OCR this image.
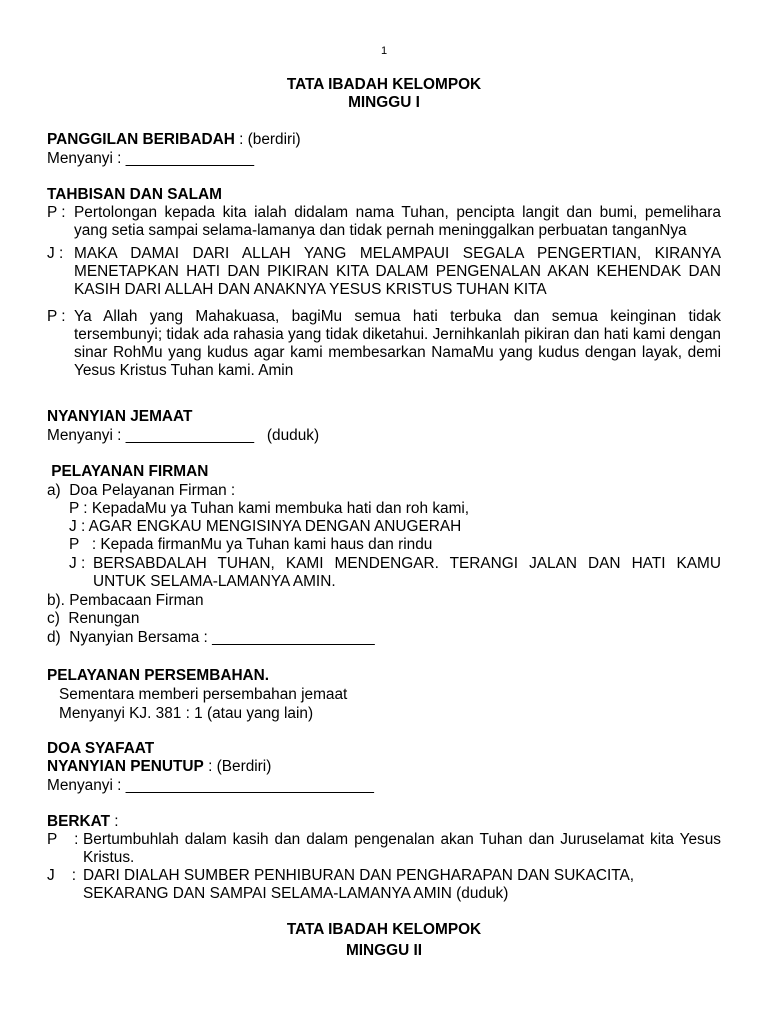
1
TATA IBADAH KELOMPOK
MINGGU I
PANGGILAN BERIBADAH : (berdiri)
Menyanyi : _______________
TAHBISAN DAN SALAM
P : Pertolongan kepada kita ialah didalam nama Tuhan, pencipta langit dan bumi, pemelihara yang setia sampai selama-lamanya dan tidak pernah meninggalkan perbuatan tanganNya
J : MAKA DAMAI DARI ALLAH YANG MELAMPAUI SEGALA PENGERTIAN, KIRANYA MENETAPKAN HATI DAN PIKIRAN KITA DALAM PENGENALAN AKAN KEHENDAK DAN KASIH DARI ALLAH DAN ANAKNYA YESUS KRISTUS TUHAN KITA
P : Ya Allah yang Mahakuasa, bagiMu semua hati terbuka dan semua keinginan tidak tersembunyi; tidak ada rahasia yang tidak diketahui. Jernihkanlah pikiran dan hati kami dengan sinar RohMu yang kudus agar kami membesarkan NamaMu yang kudus dengan layak, demi Yesus Kristus Tuhan kami. Amin
NYANYIAN JEMAAT
Menyanyi : _______________   (duduk)
PELAYANAN FIRMAN
a)  Doa Pelayanan Firman :
P : KepadaMu ya Tuhan kami membuka hati dan roh kami,
J : AGAR ENGKAU MENGISINYA DENGAN ANUGERAH
P   : Kepada firmanMu ya Tuhan kami haus dan rindu
J : BERSABDALAH TUHAN, KAMI MENDENGAR. TERANGI JALAN DAN HATI KAMU UNTUK SELAMA-LAMANYA AMIN.
b). Pembacaan Firman
c)  Renungan
d)  Nyanyian Bersama : ___________________
PELAYANAN PERSEMBAHAN.
Sementara memberi persembahan jemaat
Menyanyi KJ. 381 : 1 (atau yang lain)
DOA SYAFAAT
NYANYIAN PENUTUP : (Berdiri)
Menyanyi : _____________________________
BERKAT :
P    : Bertumbuhlah dalam kasih dan dalam pengenalan akan Tuhan dan Juruselamat kita Yesus Kristus.
J    : DARI DIALAH SUMBER PENHIBURAN DAN PENGHARAPAN DAN SUKACITA, SEKARANG DAN SAMPAI SELAMA-LAMANYA AMIN (duduk)
TATA IBADAH KELOMPOK
MINGGU II
